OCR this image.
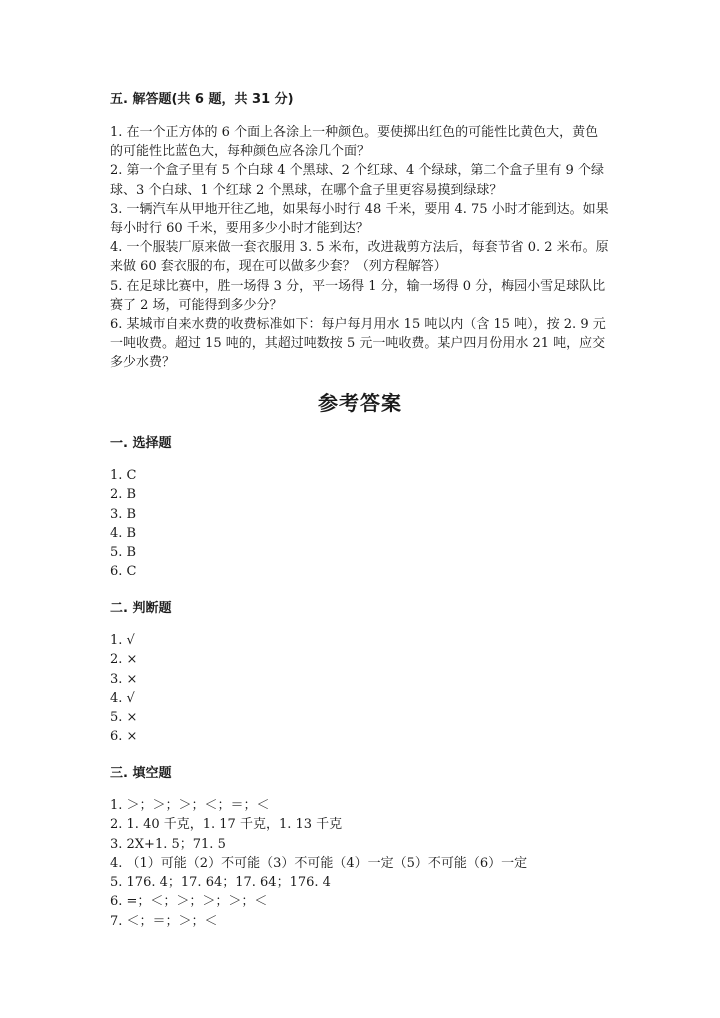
五. 解答题(共 6 题，共 31 分)

1. 在一个正方体的 6 个面上各涂上一种颜色。要使掷出红色的可能性比黄色大，黄色的可能性比蓝色大，每种颜色应各涂几个面？

2. 第一个盒子里有 5 个白球 4 个黑球、2 个红球、4 个绿球，第二个盒子里有 9 个绿球、3 个白球、1 个红球 2 个黑球，在哪个盒子里更容易摸到绿球？

3. 一辆汽车从甲地开往乙地，如果每小时行 48 千米，要用 4. 75 小时才能到达。如果每小时行 60 千米，要用多少小时才能到达？

4. 一个服装厂原来做一套衣服用 3. 5 米布，改进裁剪方法后，每套节省 0. 2 米布。原来做 60 套衣服的布，现在可以做多少套？（列方程解答）

5. 在足球比赛中，胜一场得 3 分，平一场得 1 分，输一场得 0 分，梅园小雪足球队比赛了 2 场，可能得到多少分？

6. 某城市自来水费的收费标准如下：每户每月用水 15 吨以内（含 15 吨），按 2. 9 元一吨收费。超过 15 吨的，其超过吨数按 5 元一吨收费。某户四月份用水 21 吨，应交多少水费？

参考答案
一. 选择题
1. C
2. B
3. B
4. B
5. B
6. C
二. 判断题
1. √
2. ×
3. ×
4. √
5. ×
6. ×
三. 填空题
1. ＞；＞；＞；＜；＝；＜
2. 1. 40 千克，1. 17 千克，1. 13 千克
3. 2X+1. 5；71. 5
4. （1）可能（2）不可能（3）不可能（4）一定（5）不可能（6）一定
5. 176. 4；17. 64；17. 64；176. 4
6. =；＜；＞；＞；＞；＜
7. ＜；＝；＞；＜
